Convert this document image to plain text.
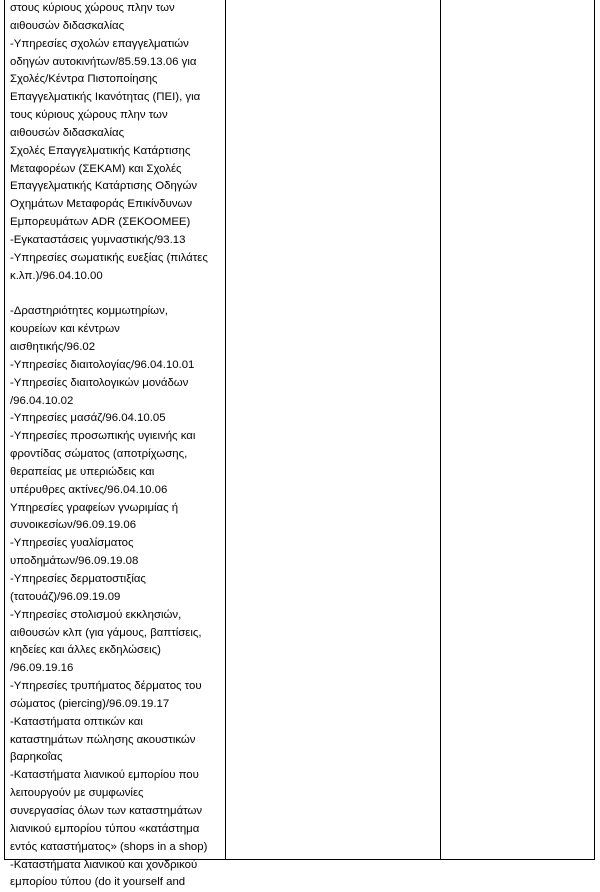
στους κύριους χώρους πλην των
αιθουσών διδασκαλίας
-Υπηρεσίες σχολών επαγγελματιών
οδηγών αυτοκινήτων/85.59.13.06 για
Σχολές/Κέντρα Πιστοποίησης
Επαγγελματικής Ικανότητας (ΠΕΙ), για
τους κύριους χώρους πλην των
αιθουσών διδασκαλίας
Σχολές Επαγγελματικής Κατάρτισης
Μεταφορέων (ΣΕΚΑΜ) και Σχολές
Επαγγελματικής Κατάρτισης Οδηγών
Οχημάτων Μεταφοράς Επικίνδυνων
Εμπορευμάτων ADR (ΣΕΚΟΟΜΕΕ)
-Εγκαταστάσεις γυμναστικής/93.13
-Υπηρεσίες σωματικής ευεξίας (πιλάτες
κ.λπ.)/96.04.10.00
-Δραστηριότητες κομμωτηρίων,
κουρείων και κέντρων
αισθητικής/96.02
-Υπηρεσίες διαιτολογίας/96.04.10.01
-Υπηρεσίες διαιτολογικών μονάδων
/96.04.10.02
-Υπηρεσίες μασάζ/96.04.10.05
-Υπηρεσίες προσωπικής υγιεινής και
φροντίδας σώματος (αποτρίχωσης,
θεραπείας με υπεριώδεις και
υπέρυθρες ακτίνες/96.04.10.06
Υπηρεσίες γραφείων γνωριμίας ή
συνοικεσίων/96.09.19.06
-Υπηρεσίες γυαλίσματος
υποδημάτων/96.09.19.08
-Υπηρεσίες δερματοστιξίας
(τατουάζ)/96.09.19.09
-Υπηρεσίες στολισμού εκκλησιών,
αιθουσών κλπ (για γάμους, βαπτίσεις,
κηδείες και άλλες εκδηλώσεις)
/96.09.19.16
-Υπηρεσίες τρυπήματος δέρματος του
σώματος (piercing)/96.09.19.17
-Καταστήματα οπτικών και
καταστημάτων πώλησης ακουστικών
βαρηκοΐας
-Καταστήματα λιανικού εμπορίου που
λειτουργούν με συμφωνίες
συνεργασίας όλων των καταστημάτων
λιανικού εμπορίου τύπου «κατάστημα
εντός καταστήματος» (shops in a shop)
-Καταστήματα λιανικού και χονδρικού
εμπορίου τύπου (do it yourself and
